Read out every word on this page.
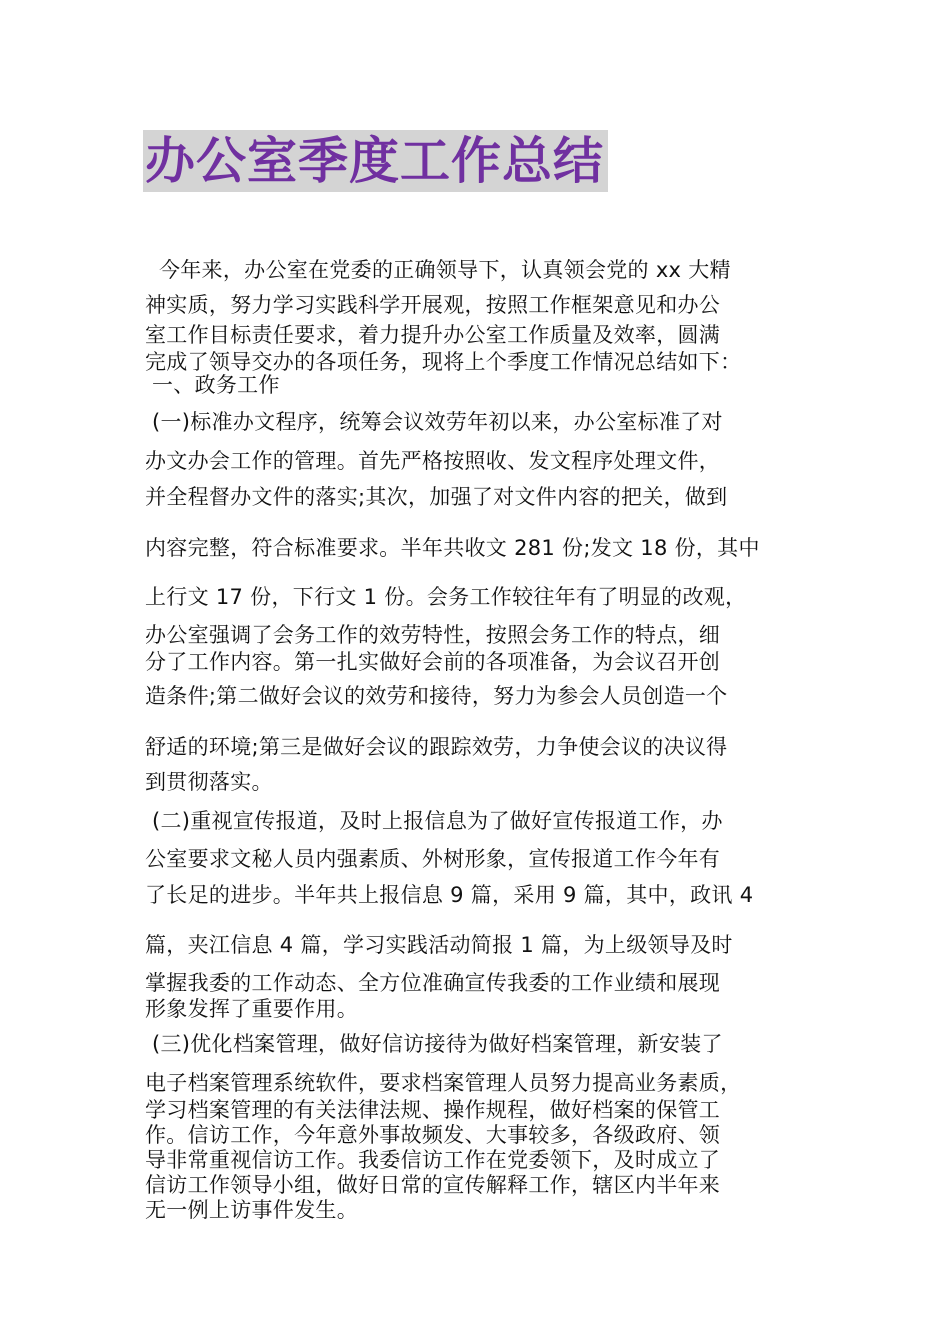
办公室季度工作总结
今年来，办公室在党委的正确领导下，认真领会党的 xx 大精
神实质，努力学习实践科学开展观，按照工作框架意见和办公
室工作目标责任要求，着力提升办公室工作质量及效率，圆满
完成了领导交办的各项任务，现将上个季度工作情况总结如下：
一、政务工作
(一)标准办文程序，统筹会议效劳年初以来，办公室标准了对
办文办会工作的管理。首先严格按照收、发文程序处理文件，
并全程督办文件的落实;其次，加强了对文件内容的把关，做到
内容完整，符合标准要求。半年共收文 281 份;发文 18 份，其中
上行文 17 份，下行文 1 份。会务工作较往年有了明显的改观，
办公室强调了会务工作的效劳特性，按照会务工作的特点，细
分了工作内容。第一扎实做好会前的各项准备，为会议召开创
造条件;第二做好会议的效劳和接待，努力为参会人员创造一个
舒适的环境;第三是做好会议的跟踪效劳，力争使会议的决议得
到贯彻落实。
(二)重视宣传报道，及时上报信息为了做好宣传报道工作，办
公室要求文秘人员内强素质、外树形象，宣传报道工作今年有
了长足的进步。半年共上报信息 9 篇，采用 9 篇，其中，政讯 4
篇，夹江信息 4 篇，学习实践活动简报 1 篇，为上级领导及时
掌握我委的工作动态、全方位准确宣传我委的工作业绩和展现
形象发挥了重要作用。
(三)优化档案管理，做好信访接待为做好档案管理，新安装了
电子档案管理系统软件，要求档案管理人员努力提高业务素质，
学习档案管理的有关法律法规、操作规程，做好档案的保管工
作。信访工作，今年意外事故频发、大事较多，各级政府、领
导非常重视信访工作。我委信访工作在党委领下，及时成立了
信访工作领导小组，做好日常的宣传解释工作，辖区内半年来
无一例上访事件发生。
